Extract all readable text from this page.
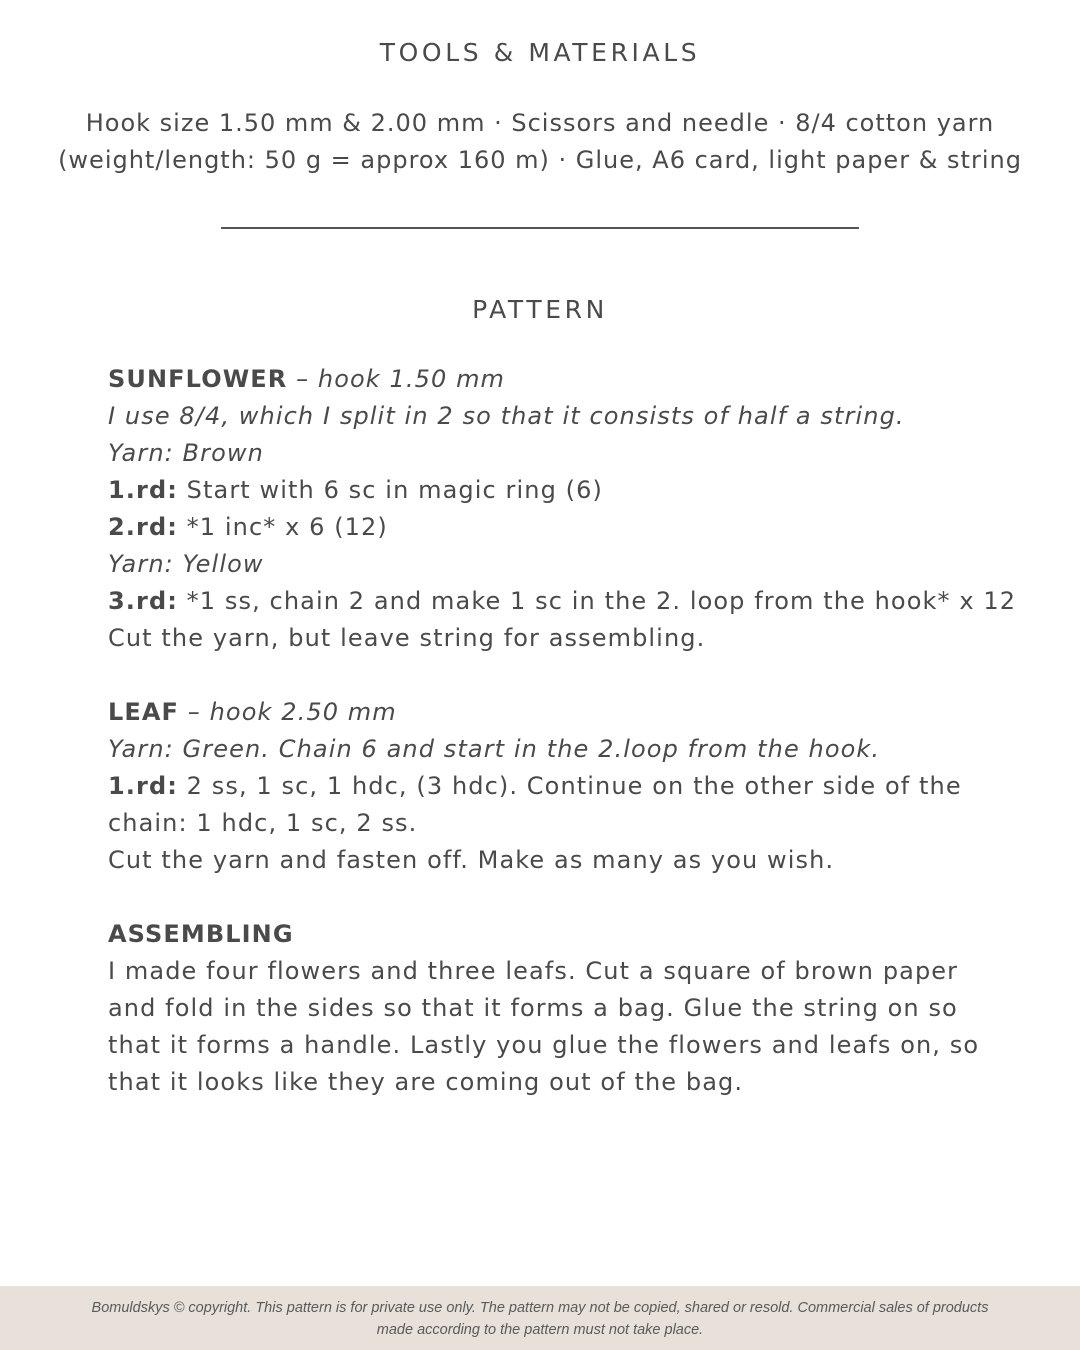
TOOLS & MATERIALS
Hook size 1.50 mm & 2.00 mm · Scissors and needle · 8/4 cotton yarn
(weight/length: 50 g = approx 160 m) · Glue, A6 card, light paper & string
PATTERN
SUNFLOWER – hook 1.50 mm
I use 8/4, which I split in 2 so that it consists of half a string.
Yarn: Brown
1.rd: Start with 6 sc in magic ring (6)
2.rd: *1 inc* x 6 (12)
Yarn: Yellow
3.rd: *1 ss, chain 2 and make 1 sc in the 2. loop from the hook* x 12
Cut the yarn, but leave string for assembling.
LEAF – hook 2.50 mm
Yarn: Green. Chain 6 and start in the 2.loop from the hook.
1.rd: 2 ss, 1 sc, 1 hdc, (3 hdc). Continue on the other side of the
chain: 1 hdc, 1 sc, 2 ss.
Cut the yarn and fasten off. Make as many as you wish.
ASSEMBLING
I made four flowers and three leafs. Cut a square of brown paper
and fold in the sides so that it forms a bag. Glue the string on so
that it forms a handle. Lastly you glue the flowers and leafs on, so
that it looks like they are coming out of the bag.
Bomuldskys © copyright. This pattern is for private use only. The pattern may not be copied, shared or resold. Commercial sales of products
made according to the pattern must not take place.
